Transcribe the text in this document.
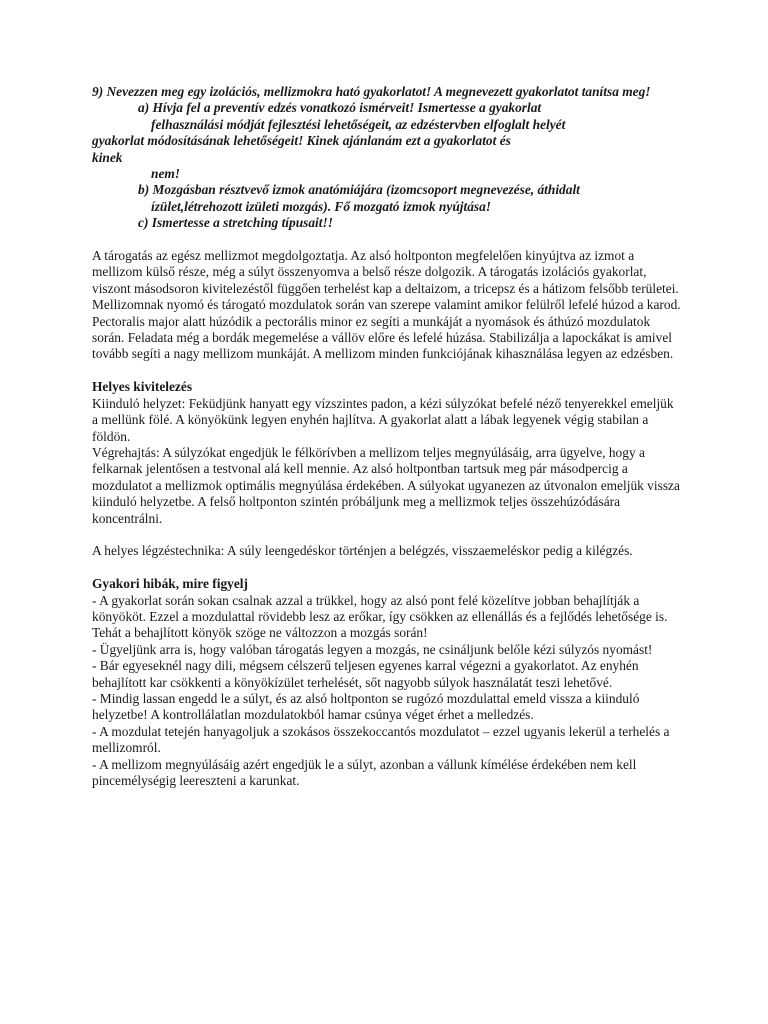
9) Nevezzen meg egy izolációs, mellizmokra ható gyakorlatot! A megnevezett gyakorlatot tanítsa meg!

a) Hívja fel a preventív edzés vonatkozó ismérveit! Ismertesse a gyakorlat
felhasználási módját fejlesztési lehetőségeit, az edzéstervben elfoglalt helyét
gyakorlat módosításának lehetőségeit! Kinek ajánlanám ezt a gyakorlatot és
kinek
nem!
b) Mozgásban résztvevő izmok anatómiájára (izomcsoport megnevezése, áthidalt
ízület,létrehozott izületi mozgás). Fő mozgató izmok nyújtása!
c) Ismertesse a stretching típusait!!

A tárogatás az egész mellizmot megdolgoztatja. Az alsó holtponton megfelelően kinyújtva az izmot a mellizom külső része, még a súlyt összenyomva a belső része dolgozik. A tárogatás izolációs gyakorlat, viszont másodsoron kivitelezéstől függően terhelést kap a deltaizom, a tricepsz és a hátizom felsőbb területei. Mellizomnak nyomó és tárogató mozdulatok során van szerepe valamint amikor felülről lefelé húzod a karod. Pectoralis major alatt húzódik a pectorális minor ez segíti a munkáját a nyomások és áthúzó mozdulatok során. Feladata még a bordák megemelése a vállöv előre és lefelé húzása. Stabilizálja a lapockákat is amivel tovább segíti a nagy mellizom munkáját. A mellizom minden funkciójának kihasználása legyen az edzésben.

Helyes kivitelezés

Kiinduló helyzet: Feküdjünk hanyatt egy vízszintes padon, a kézi súlyzókat befelé néző tenyerekkel emeljük a mellünk fölé. A könyökünk legyen enyhén hajlítva. A gyakorlat alatt a lábak legyenek végig stabilan a földön.

Végrehajtás: A súlyzókat engedjük le félkörívben a mellizom teljes megnyúlásáig, arra ügyelve, hogy a felkarnak jelentősen a testvonal alá kell mennie. Az alsó holtpontban tartsuk meg pár másodpercig a mozdulatot a mellizmok optimális megnyúlása érdekében. A súlyokat ugyanezen az útvonalon emeljük vissza kiinduló helyzetbe. A felső holtponton szintén próbáljunk meg a mellizmok teljes összehúzódására koncentrálni.

A helyes légzéstechnika: A súly leengedéskor történjen a belégzés, visszaemeléskor pedig a kilégzés.

Gyakori hibák, mire figyelj

- A gyakorlat során sokan csalnak azzal a trükkel, hogy az alsó pont felé közelítve jobban behajlítják a könyököt. Ezzel a mozdulattal rövidebb lesz az erőkar, így csökken az ellenállás és a fejlődés lehetősége is. Tehát a behajlított könyök szöge ne változzon a mozgás során!

- Ügyeljünk arra is, hogy valóban tárogatás legyen a mozgás, ne csináljunk belőle kézi súlyzós nyomást!

- Bár egyeseknél nagy dili, mégsem célszerű teljesen egyenes karral végezni a gyakorlatot. Az enyhén behajlított kar csökkenti a könyökízület terhelését, sőt nagyobb súlyok használatát teszi lehetővé.

- Mindig lassan engedd le a súlyt, és az alsó holtponton se rugózó mozdulattal emeld vissza a kiinduló helyzetbe! A kontrollálatlan mozdulatokból hamar csúnya véget érhet a melledzés.

- A mozdulat tetején hanyagoljuk a szokásos összekoccantós mozdulatot – ezzel ugyanis lekerül a terhelés a mellizomról.

- A mellizom megnyúlásáig azért engedjük le a súlyt, azonban a vállunk kímélése érdekében nem kell pincemélységig leereszteni a karunkat.
